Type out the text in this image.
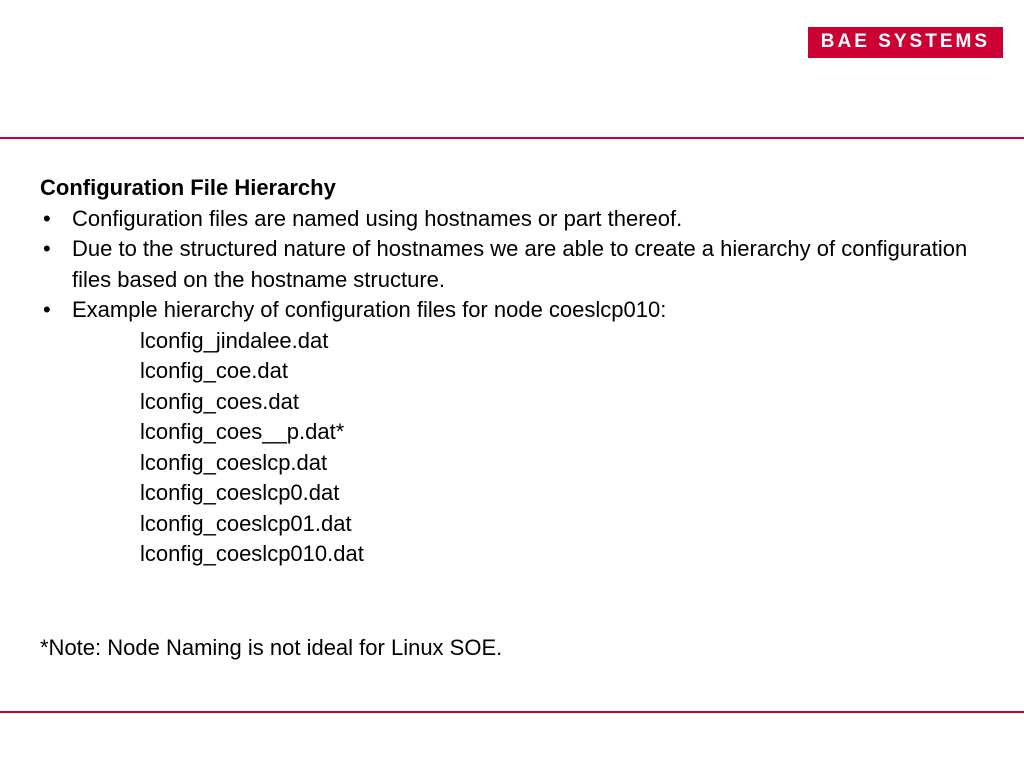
BAE SYSTEMS
Configuration File Hierarchy
• Configuration files are named using hostnames or part thereof.
• Due to the structured nature of hostnames we are able to create a hierarchy of configuration files based on the hostname structure.
• Example hierarchy of configuration files for node coeslcp010:
lconfig_jindalee.dat
lconfig_coe.dat
lconfig_coes.dat
lconfig_coes__p.dat*
lconfig_coeslcp.dat
lconfig_coeslcp0.dat
lconfig_coeslcp01.dat
lconfig_coeslcp010.dat
*Note: Node Naming is not ideal for Linux SOE.
